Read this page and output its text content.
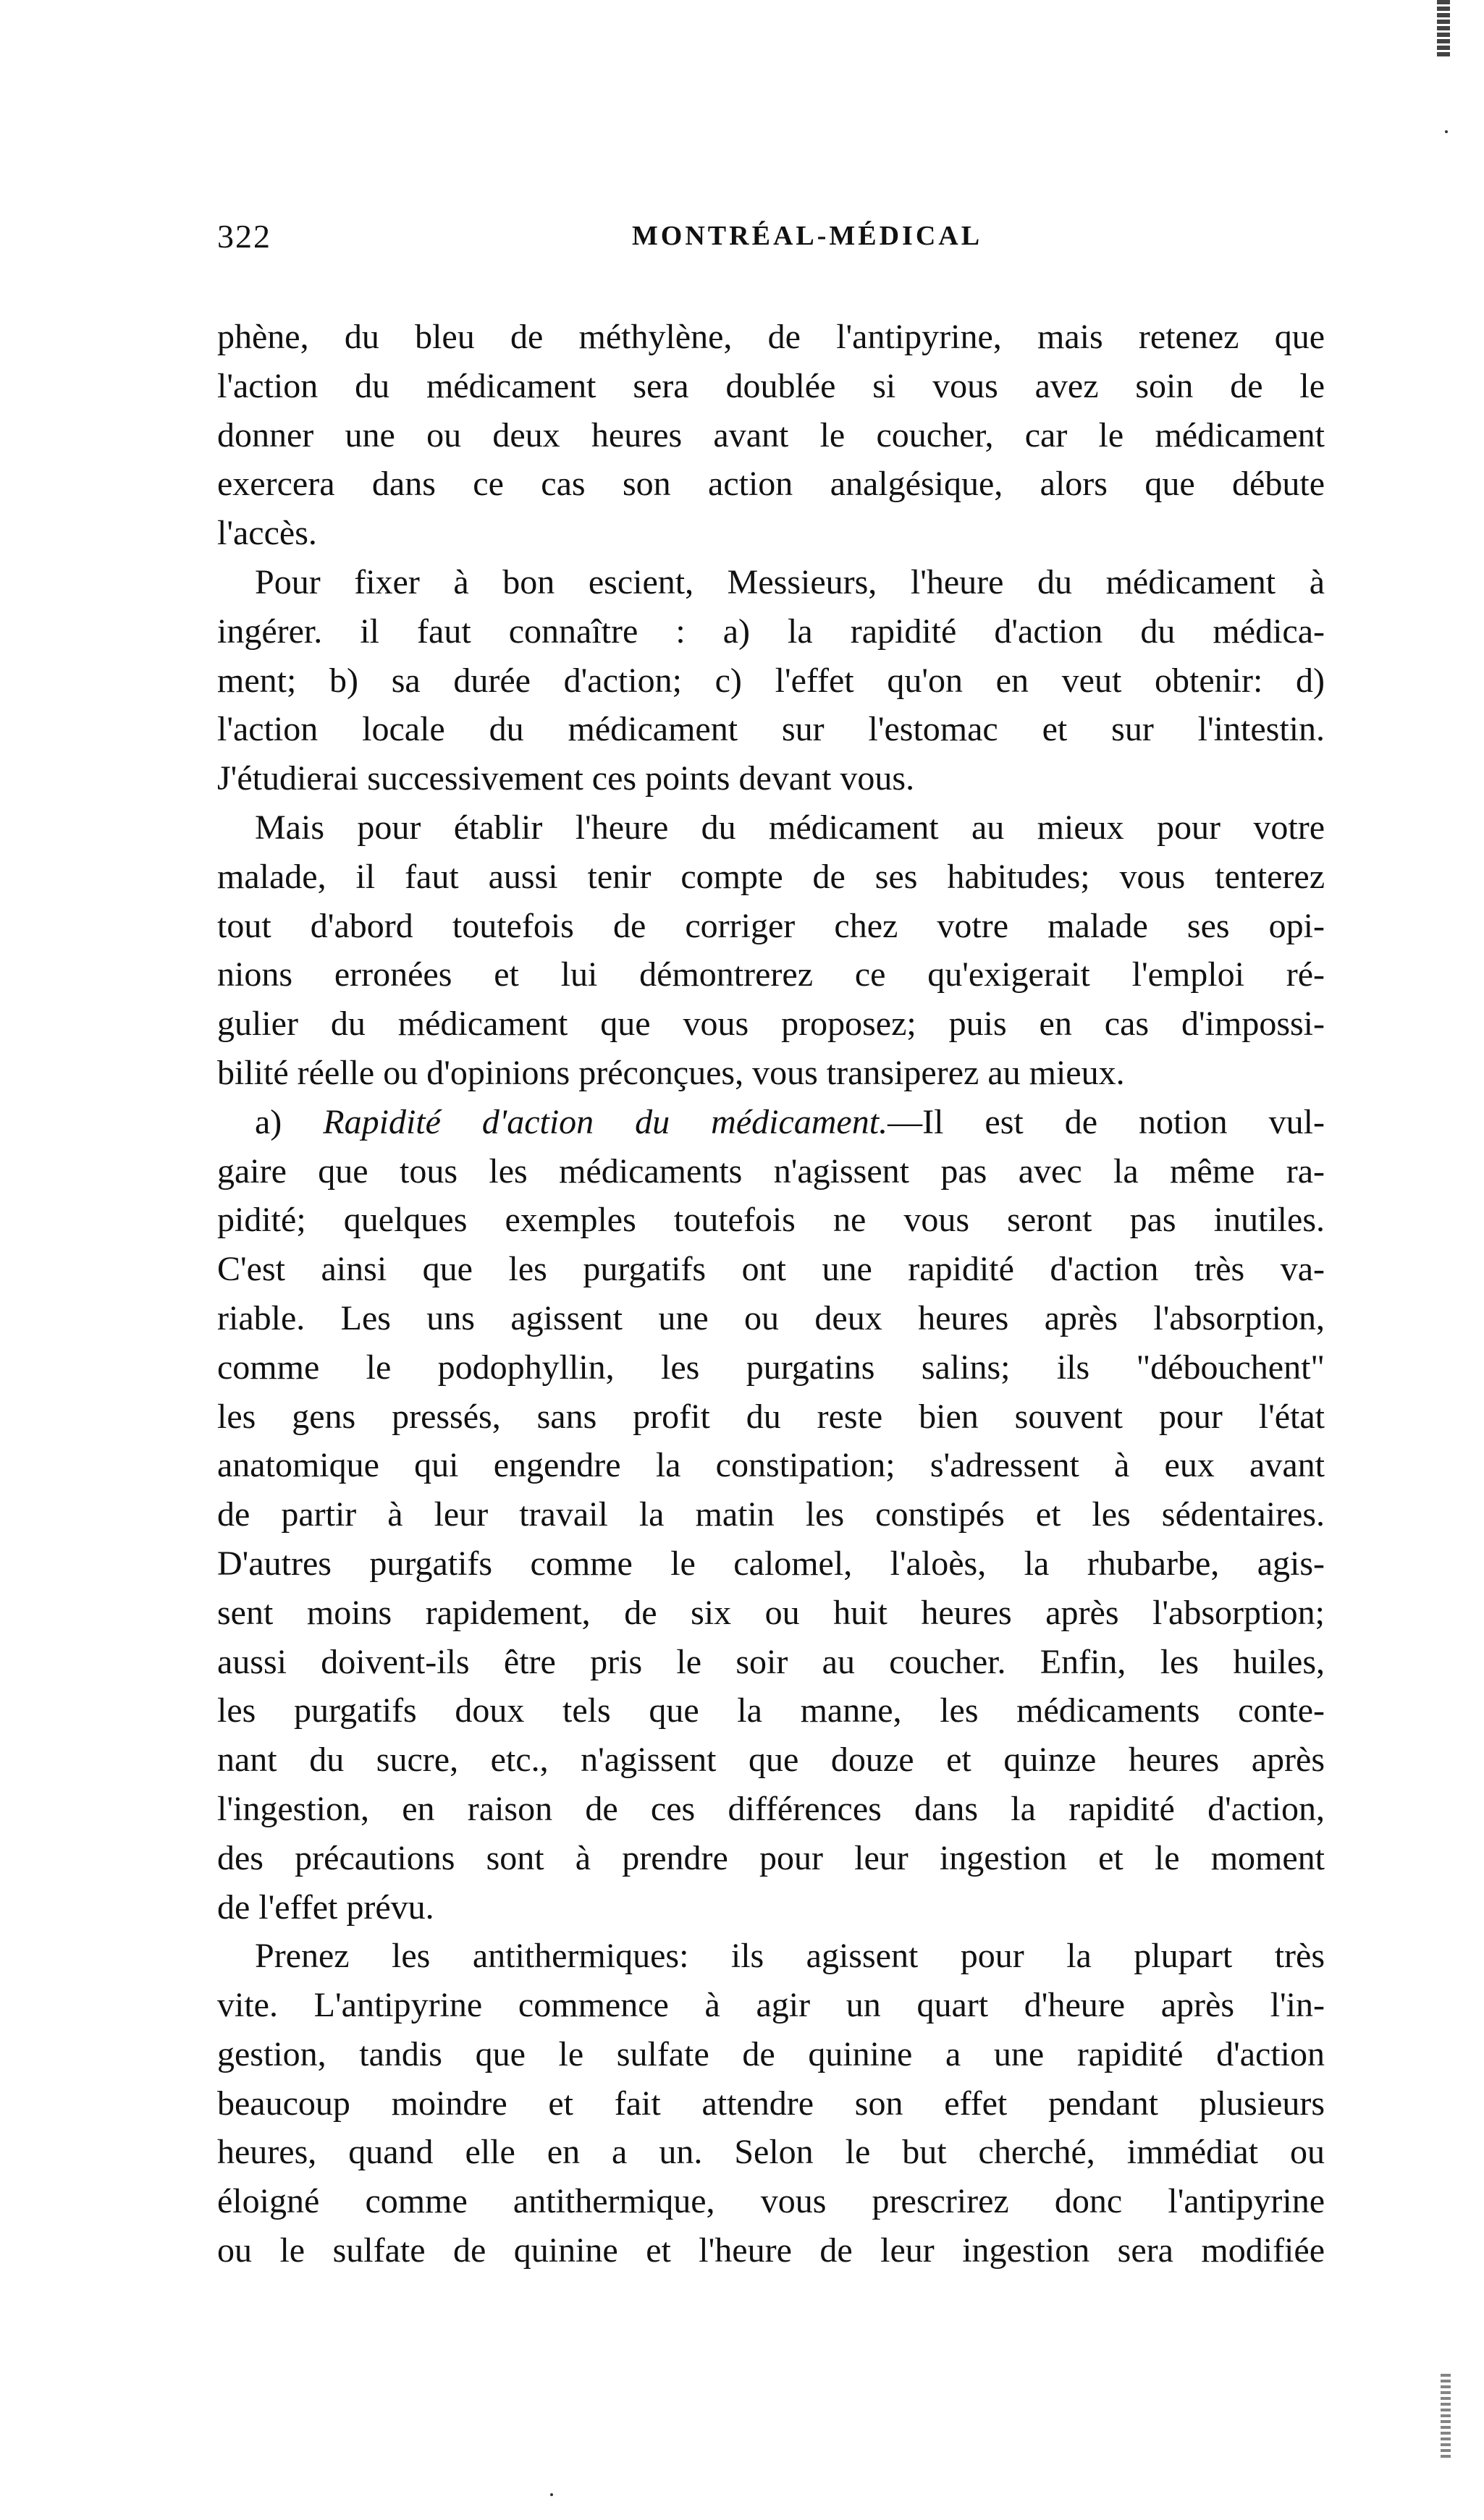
322	MONTRÉAL-MÉDICAL
phène, du bleu de méthylène, de l'antipyrine, mais retenez que
l'action du médicament sera doublée si vous avez soin de le
donner une ou deux heures avant le coucher, car le médicament
exercera dans ce cas son action analgésique, alors que débute
l'accès.
Pour fixer à bon escient, Messieurs, l'heure du médicament à
ingérer. il faut connaître : a) la rapidité d'action du médica-
ment; b) sa durée d'action; c) l'effet qu'on en veut obtenir: d)
l'action locale du médicament sur l'estomac et sur l'intestin.
J'étudierai successivement ces points devant vous.
Mais pour établir l'heure du médicament au mieux pour votre
malade, il faut aussi tenir compte de ses habitudes; vous tenterez
tout d'abord toutefois de corriger chez votre malade ses opi-
nions erronées et lui démontrerez ce qu'exigerait l'emploi ré-
gulier du médicament que vous proposez; puis en cas d'impossi-
bilité réelle ou d'opinions préconçues, vous transiperez au mieux.
a) Rapidité d'action du médicament.—Il est de notion vul-
gaire que tous les médicaments n'agissent pas avec la même ra-
pidité; quelques exemples toutefois ne vous seront pas inutiles.
C'est ainsi que les purgatifs ont une rapidité d'action très va-
riable. Les uns agissent une ou deux heures après l'absorption,
comme le podophyllin, les purgatins salins; ils "débouchent"
les gens pressés, sans profit du reste bien souvent pour l'état
anatomique qui engendre la constipation; s'adressent à eux avant
de partir à leur travail la matin les constipés et les sédentaires.
D'autres purgatifs comme le calomel, l'aloès, la rhubarbe, agis-
sent moins rapidement, de six ou huit heures après l'absorption;
aussi doivent-ils être pris le soir au coucher. Enfin, les huiles,
les purgatifs doux tels que la manne, les médicaments conte-
nant du sucre, etc., n'agissent que douze et quinze heures après
l'ingestion, en raison de ces différences dans la rapidité d'action,
des précautions sont à prendre pour leur ingestion et le moment
de l'effet prévu.
Prenez les antithermiques: ils agissent pour la plupart très
vite. L'antipyrine commence à agir un quart d'heure après l'in-
gestion, tandis que le sulfate de quinine a une rapidité d'action
beaucoup moindre et fait attendre son effet pendant plusieurs
heures, quand elle en a un. Selon le but cherché, immédiat ou
éloigné comme antithermique, vous prescrirez donc l'antipyrine
ou le sulfate de quinine et l'heure de leur ingestion sera modifiée
